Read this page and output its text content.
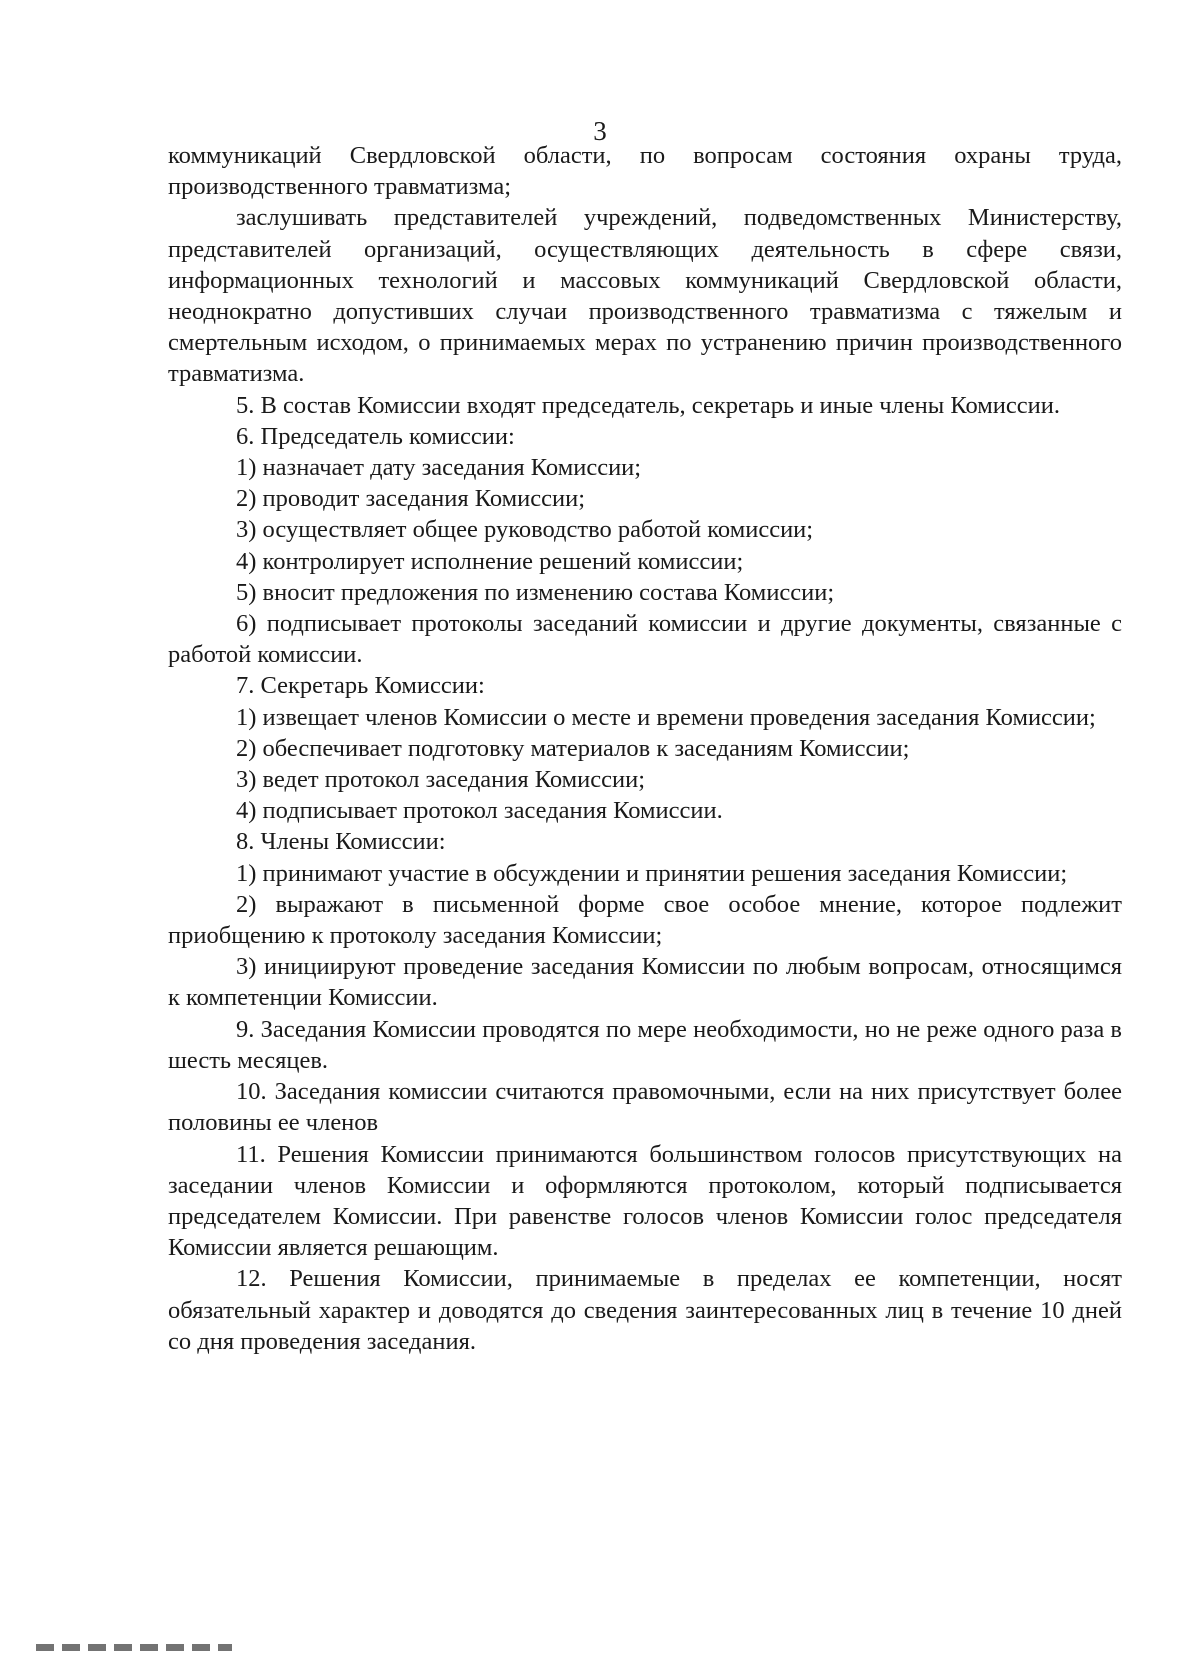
3

коммуникаций Свердловской области, по вопросам состояния охраны труда, производственного травматизма;

заслушивать представителей учреждений, подведомственных Министерству, представителей организаций, осуществляющих деятельность в сфере связи, информационных технологий и массовых коммуникаций Свердловской области, неоднократно допустивших случаи производственного травматизма с тяжелым и смертельным исходом, о принимаемых мерах по устранению причин производственного травматизма.

5. В состав Комиссии входят председатель, секретарь и иные члены Комиссии.

6. Председатель комиссии:

1) назначает дату заседания Комиссии;

2) проводит заседания Комиссии;

3) осуществляет общее руководство работой комиссии;

4) контролирует исполнение решений комиссии;

5) вносит предложения по изменению состава Комиссии;

6) подписывает протоколы заседаний комиссии и другие документы, связанные с работой комиссии.

7. Секретарь Комиссии:

1) извещает членов Комиссии о месте и времени проведения заседания Комиссии;

2) обеспечивает подготовку материалов к заседаниям Комиссии;

3) ведет протокол заседания Комиссии;

4) подписывает протокол заседания Комиссии.

8. Члены Комиссии:

1) принимают участие в обсуждении и принятии решения заседания Комиссии;

2) выражают в письменной форме свое особое мнение, которое подлежит приобщению к протоколу заседания Комиссии;

3) инициируют проведение заседания Комиссии по любым вопросам, относящимся к компетенции Комиссии.

9. Заседания Комиссии проводятся по мере необходимости, но не реже одного раза в шесть месяцев.

10. Заседания комиссии считаются правомочными, если на них присутствует более половины ее членов

11. Решения Комиссии принимаются большинством голосов присутствующих на заседании членов Комиссии и оформляются протоколом, который подписывается председателем Комиссии. При равенстве голосов членов Комиссии голос председателя Комиссии является решающим.

12. Решения Комиссии, принимаемые в пределах ее компетенции, носят обязательный характер и доводятся до сведения заинтересованных лиц в течение 10 дней со дня проведения заседания.
